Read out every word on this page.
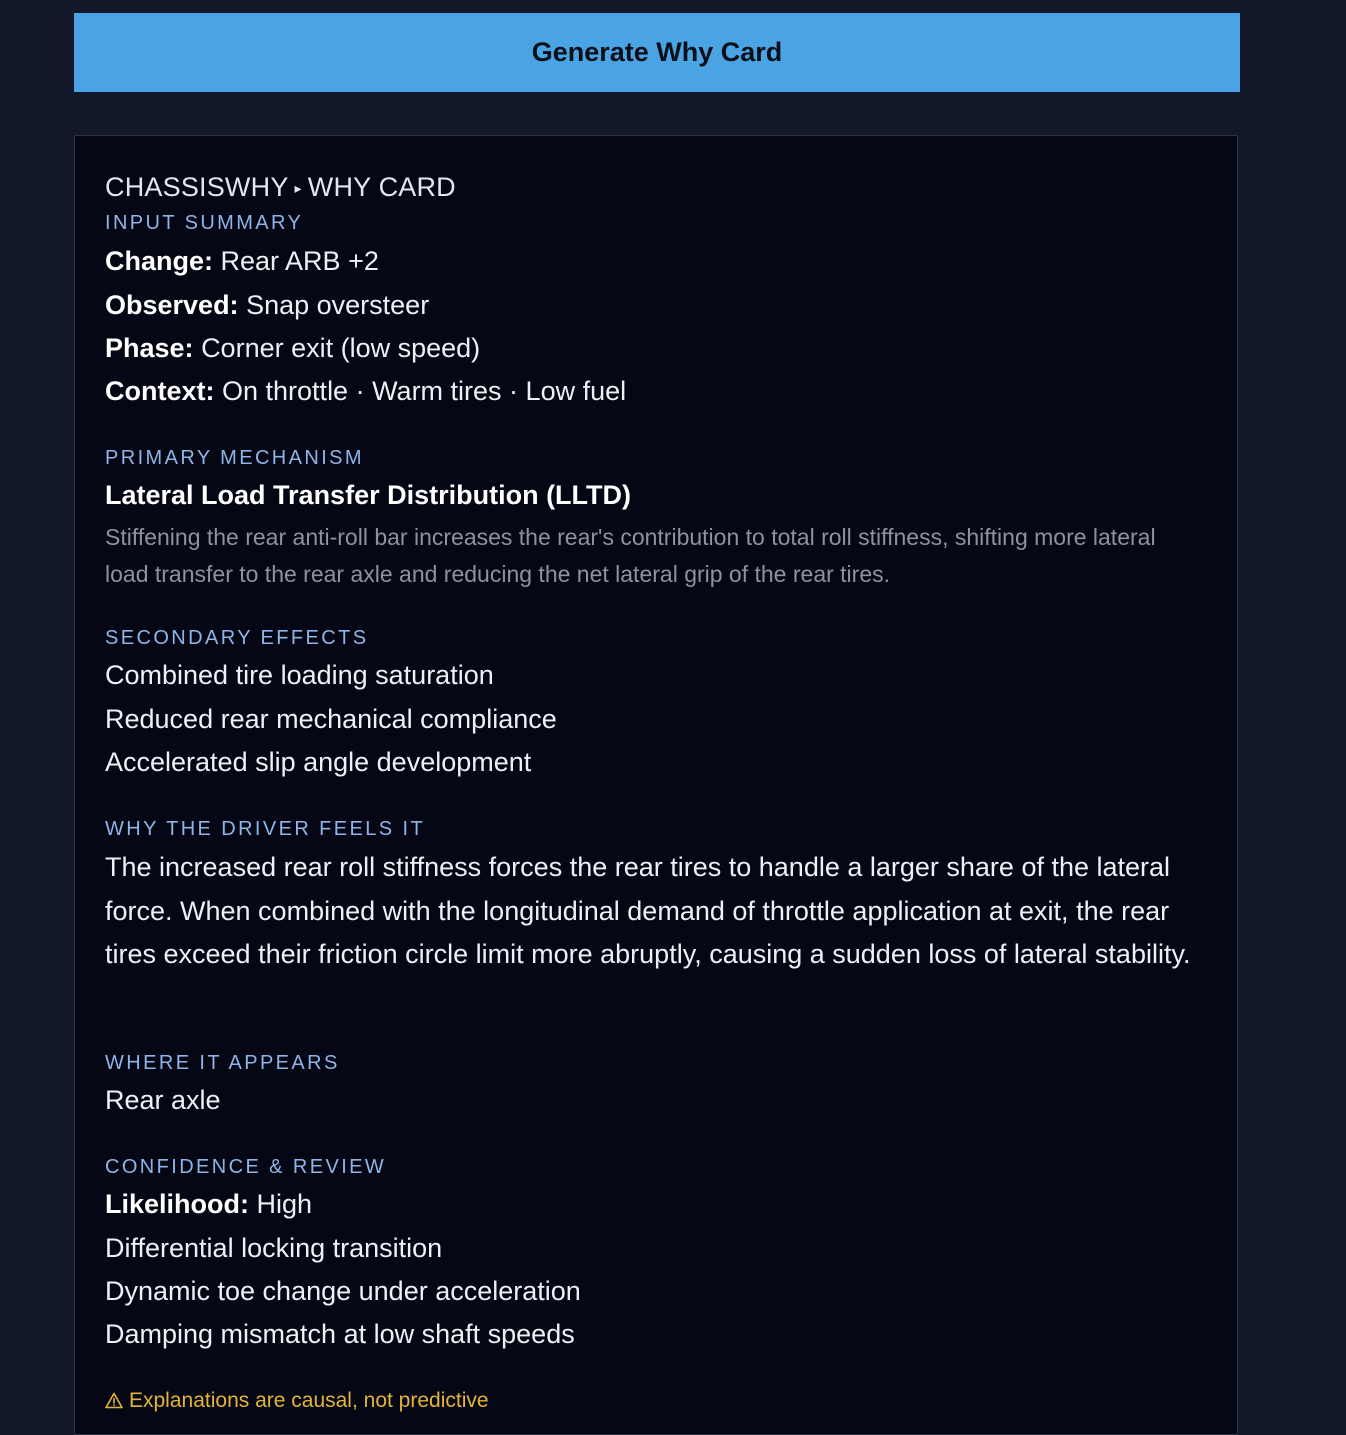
Generate Why Card
CHASSISWHY ▸ WHY CARD
INPUT SUMMARY
Change: Rear ARB +2
Observed: Snap oversteer
Phase: Corner exit (low speed)
Context: On throttle · Warm tires · Low fuel
PRIMARY MECHANISM
Lateral Load Transfer Distribution (LLTD)
Stiffening the rear anti-roll bar increases the rear's contribution to total roll stiffness, shifting more lateral load transfer to the rear axle and reducing the net lateral grip of the rear tires.
SECONDARY EFFECTS
Combined tire loading saturation
Reduced rear mechanical compliance
Accelerated slip angle development
WHY THE DRIVER FEELS IT
The increased rear roll stiffness forces the rear tires to handle a larger share of the lateral force. When combined with the longitudinal demand of throttle application at exit, the rear tires exceed their friction circle limit more abruptly, causing a sudden loss of lateral stability.
WHERE IT APPEARS
Rear axle
CONFIDENCE & REVIEW
Likelihood: High
Differential locking transition
Dynamic toe change under acceleration
Damping mismatch at low shaft speeds
Explanations are causal, not predictive
